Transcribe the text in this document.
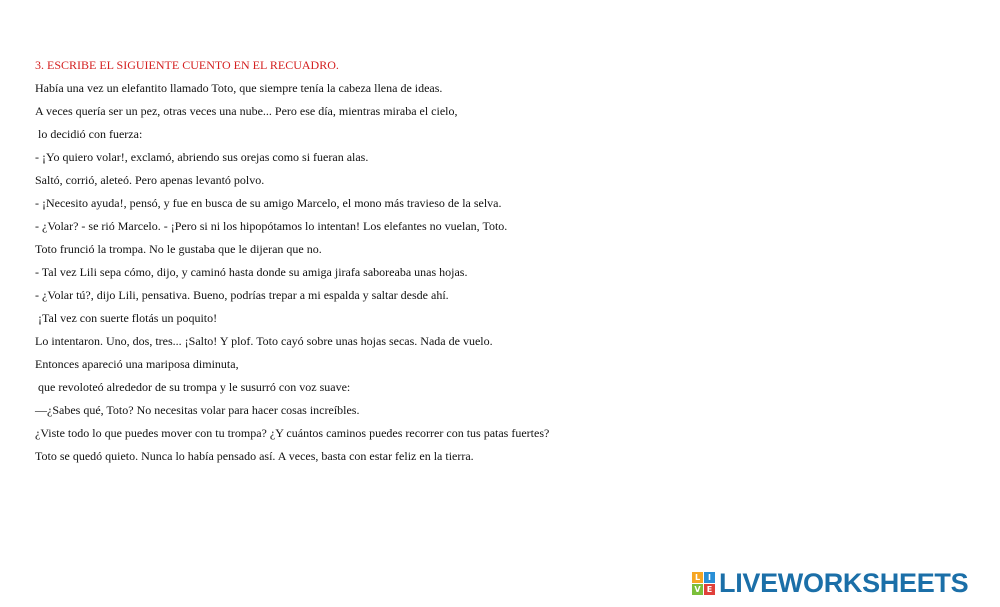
3. ESCRIBE EL SIGUIENTE CUENTO EN EL RECUADRO.

Había una vez un elefantito llamado Toto, que siempre tenía la cabeza llena de ideas.
A veces quería ser un pez, otras veces una nube... Pero ese día, mientras miraba el cielo,
lo decidió con fuerza:
- ¡Yo quiero volar!, exclamó, abriendo sus orejas como si fueran alas.
Saltó, corrió, aleteó. Pero apenas levantó polvo.
- ¡Necesito ayuda!, pensó, y fue en busca de su amigo Marcelo, el mono más travieso de la selva.
- ¿Volar? - se rió Marcelo. - ¡Pero si ni los hipopótamos lo intentan! Los elefantes no vuelan, Toto.
Toto frunció la trompa. No le gustaba que le dijeran que no.
- Tal vez Lili sepa cómo, dijo, y caminó hasta donde su amiga jirafa saboreaba unas hojas.
- ¿Volar tú?, dijo Lili, pensativa. Bueno, podrías trepar a mi espalda y saltar desde ahí.
¡Tal vez con suerte flotás un poquito!
Lo intentaron. Uno, dos, tres... ¡Salto! Y plof. Toto cayó sobre unas hojas secas. Nada de vuelo.
Entonces apareció una mariposa diminuta,
que revoloteó alrededor de su trompa y le susurró con voz suave:
—¿Sabes qué, Toto? No necesitas volar para hacer cosas increíbles.
¿Viste todo lo que puedes mover con tu trompa? ¿Y cuántos caminos puedes recorrer con tus patas fuertes?
Toto se quedó quieto. Nunca lo había pensado así. A veces, basta con estar feliz en la tierra.
L I
V E LIVEWORKSHEETS
